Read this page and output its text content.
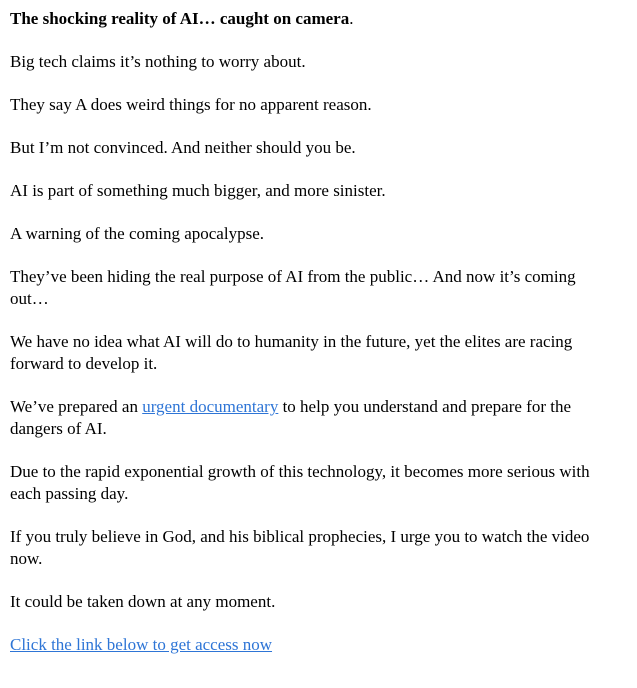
The shocking reality of AI… caught on camera.

Big tech claims it’s nothing to worry about.

They say A does weird things for no apparent reason.

But I’m not convinced. And neither should you be.

AI is part of something much bigger, and more sinister.

A warning of the coming apocalypse.

They’ve been hiding the real purpose of AI from the public… And now it’s coming out…

We have no idea what AI will do to humanity in the future, yet the elites are racing forward to develop it.

We’ve prepared an urgent documentary to help you understand and prepare for the dangers of AI.

Due to the rapid exponential growth of this technology, it becomes more serious with each passing day.

If you truly believe in God, and his biblical prophecies, I urge you to watch the video now.

It could be taken down at any moment.

Click the link below to get access now
